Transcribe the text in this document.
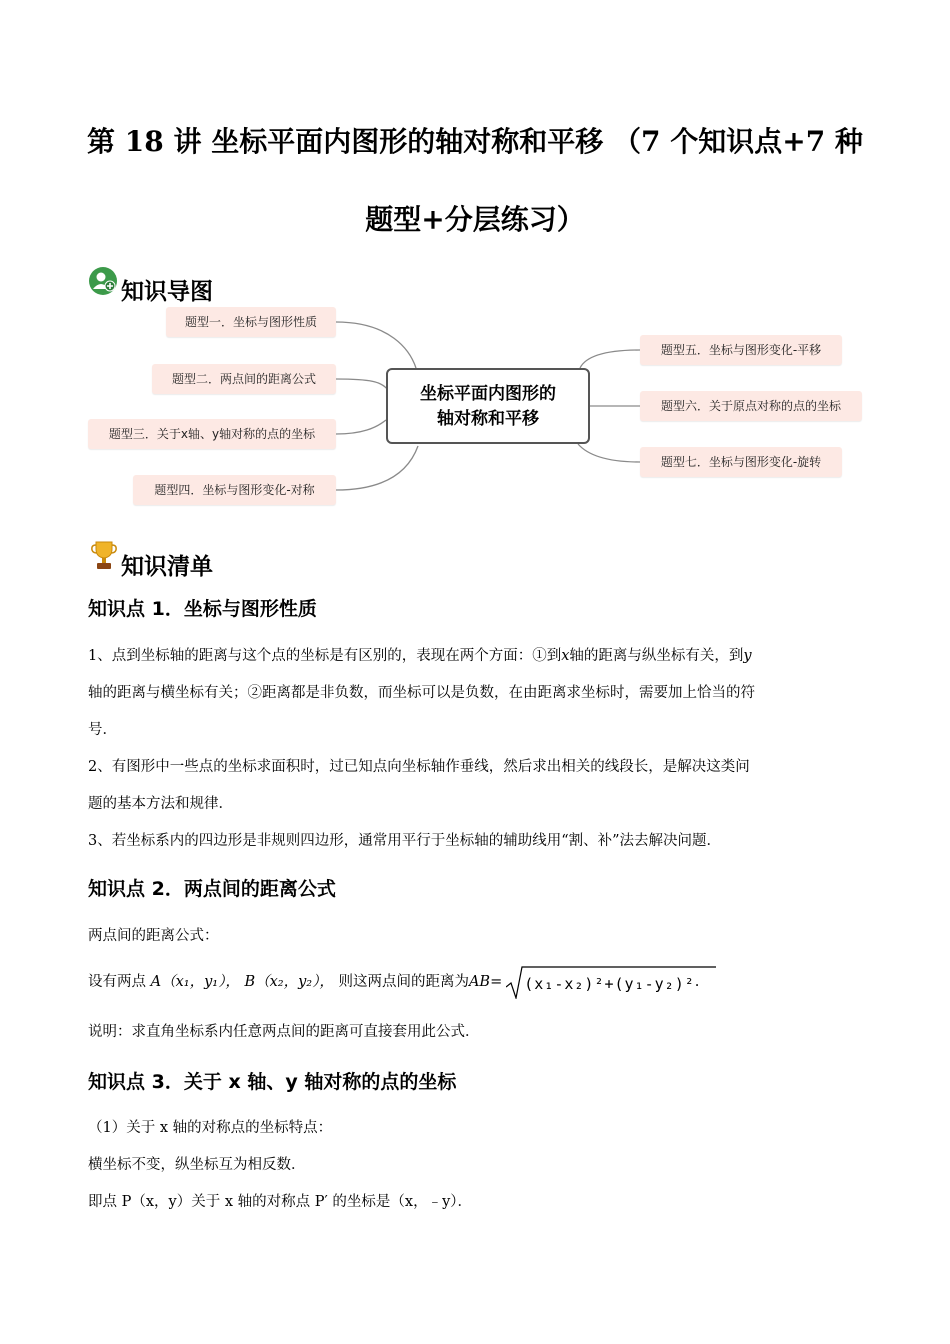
第 18 讲 坐标平面内图形的轴对称和平移 （7 个知识点+7 种
题型+分层练习）
知识导图
题型一．坐标与图形性质
题型二．两点间的距离公式
题型三．关于x轴、y轴对称的点的坐标
题型四．坐标与图形变化-对称
坐标平面内图形的
轴对称和平移
题型五．坐标与图形变化-平移
题型六．关于原点对称的点的坐标
题型七．坐标与图形变化-旋转
知识清单
知识点 1．坐标与图形性质
1、点到坐标轴的距离与这个点的坐标是有区别的，表现在两个方面：①到x轴的距离与纵坐标有关，到y
轴的距离与横坐标有关；②距离都是非负数，而坐标可以是负数，在由距离求坐标时，需要加上恰当的符
号．
2、有图形中一些点的坐标求面积时，过已知点向坐标轴作垂线，然后求出相关的线段长，是解决这类问
题的基本方法和规律．
3、若坐标系内的四边形是非规则四边形，通常用平行于坐标轴的辅助线用“割、补”法去解决问题．
知识点 2．两点间的距离公式
两点间的距离公式：
设有两点 A（x₁，y₁）， B（x₂，y₂）， 则这两点间的距离为AB= (x₁-x₂)²+(y₁-y₂)².
说明：求直角坐标系内任意两点间的距离可直接套用此公式．
知识点 3．关于 x 轴、y 轴对称的点的坐标
（1）关于 x 轴的对称点的坐标特点：
横坐标不变，纵坐标互为相反数．
即点 P（x，y）关于 x 轴的对称点 P′ 的坐标是（x，﹣y）．
